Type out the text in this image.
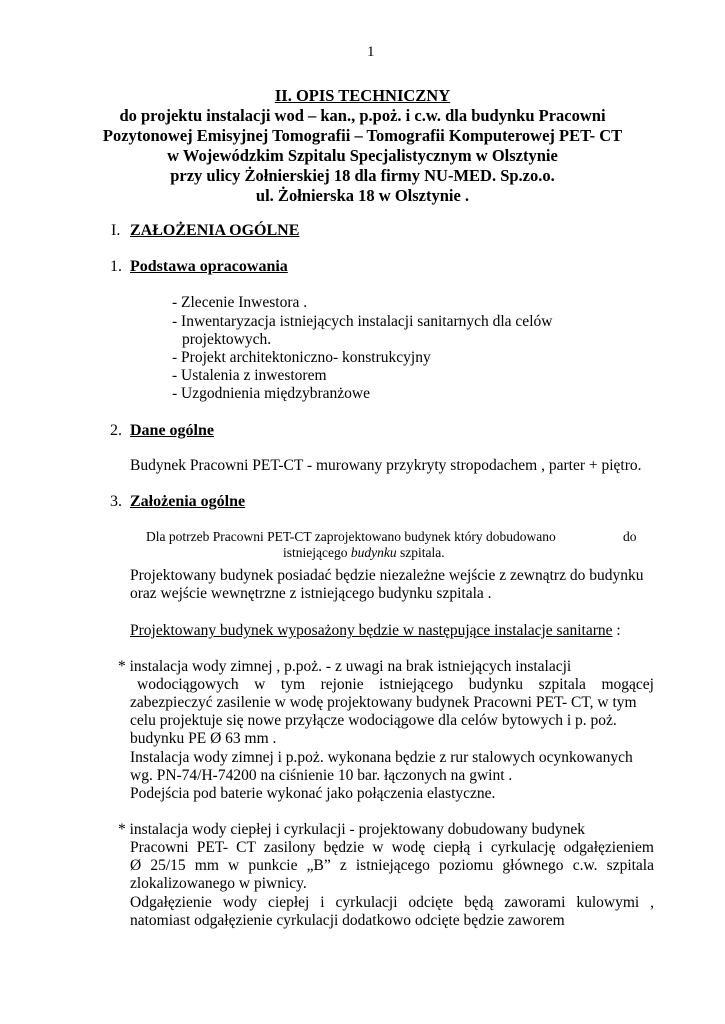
1
II. OPIS TECHNICZNY
do projektu instalacji wod – kan., p.poż. i c.w. dla budynku Pracowni
Pozytonowej Emisyjnej Tomografii – Tomografii Komputerowej PET- CT
w Wojewódzkim Szpitalu Specjalistycznym w Olsztynie
przy ulicy Żołnierskiej 18 dla firmy NU-MED. Sp.zo.o.
ul. Żołnierska 18 w Olsztynie .
I. ZAŁOŻENIA OGÓLNE
1. Podstawa opracowania
- Zlecenie Inwestora .
- Inwentaryzacja istniejących instalacji sanitarnych dla celów
projektowych.
- Projekt architektoniczno- konstrukcyjny
- Ustalenia z inwestorem
- Uzgodnienia międzybranżowe
2. Dane ogólne
Budynek Pracowni PET-CT - murowany przykryty stropodachem , parter + piętro.
3. Założenia ogólne
Dla potrzeb Pracowni PET-CT zaprojektowano budynek który dobudowano	do
istniejącego budynku szpitala.
Projektowany budynek posiadać będzie niezależne wejście z zewnątrz do budynku
oraz wejście wewnętrzne z istniejącego budynku szpitala .
Projektowany budynek wyposażony będzie w następujące instalacje sanitarne :
* instalacja wody zimnej , p.poż. - z uwagi na brak istniejących instalacji
wodociągowych w tym rejonie istniejącego budynku szpitala mogącej
zabezpieczyć zasilenie w wodę projektowany budynek Pracowni PET- CT, w tym
celu projektuje się nowe przyłącze wodociągowe dla celów bytowych i p. poż.
budynku PE Ø 63 mm .
Instalacja wody zimnej i p.poż. wykonana będzie z rur stalowych ocynkowanych
wg. PN-74/H-74200 na ciśnienie 10 bar. łączonych na gwint .
Podejścia pod baterie wykonać jako połączenia elastyczne.
* instalacja wody ciepłej i cyrkulacji - projektowany dobudowany budynek
Pracowni PET- CT zasilony będzie w wodę ciepłą i cyrkulację odgałęzieniem
Ø 25/15 mm w punkcie „B” z istniejącego poziomu głównego c.w. szpitala
zlokalizowanego w piwnicy.
Odgałęzienie wody ciepłej i cyrkulacji odcięte będą zaworami kulowymi ,
natomiast odgałęzienie cyrkulacji dodatkowo odcięte będzie zaworem
